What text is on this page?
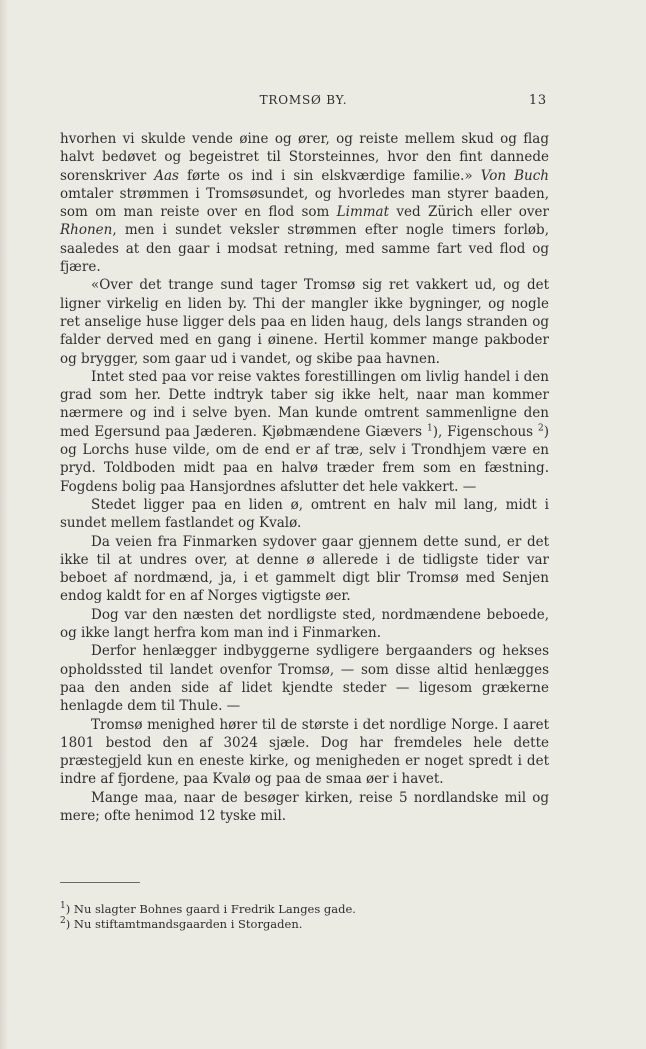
TROMSØ BY.	13

hvorhen vi skulde vende øine og ører, og reiste mellem skud og flag halvt bedøvet og begeistret til Storsteinnes, hvor den fint dannede sorenskriver Aas førte os ind i sin elskværdige familie.» Von Buch omtaler strømmen i Tromsøsundet, og hvorledes man styrer baaden, som om man reiste over en flod som Limmat ved Zürich eller over Rhonen, men i sundet veksler strømmen efter nogle timers forløb, saaledes at den gaar i modsat retning, med samme fart ved flod og fjære.

«Over det trange sund tager Tromsø sig ret vakkert ud, og det ligner virkelig en liden by. Thi der mangler ikke bygninger, og nogle ret anselige huse ligger dels paa en liden haug, dels langs stranden og falder derved med en gang i øinene. Hertil kommer mange pakboder og brygger, som gaar ud i vandet, og skibe paa havnen.

Intet sted paa vor reise vaktes forestillingen om livlig handel i den grad som her. Dette indtryk taber sig ikke helt, naar man kommer nærmere og ind i selve byen. Man kunde omtrent sammenligne den med Egersund paa Jæderen. Kjøbmændene Giævers $^1$), Figenschous $^2$) og Lorchs huse vilde, om de end er af træ, selv i Trondhjem være en pryd. Toldboden midt paa en halvø træder frem som en fæstning. Fogdens bolig paa Hansjordnes afslutter det hele vakkert. —

Stedet ligger paa en liden ø, omtrent en halv mil lang, midt i sundet mellem fastlandet og Kvalø.

Da veien fra Finmarken sydover gaar gjennem dette sund, er det ikke til at undres over, at denne ø allerede i de tidligste tider var beboet af nordmænd, ja, i et gammelt digt blir Tromsø med Senjen endog kaldt for en af Norges vigtigste øer.

Dog var den næsten det nordligste sted, nordmændene beboede, og ikke langt herfra kom man ind i Finmarken.

Derfor henlægger indbyggerne sydligere bergaanders og hekses opholdssted til landet ovenfor Tromsø, — som disse altid henlægges paa den anden side af lidet kjendte steder — ligesom grækerne henlagde dem til Thule. —

Tromsø menighed hører til de største i det nordlige Norge. I aaret 1801 bestod den af 3024 sjæle. Dog har fremdeles hele dette præstegjeld kun en eneste kirke, og menigheden er noget spredt i det indre af fjordene, paa Kvalø og paa de smaa øer i havet.

Mange maa, naar de besøger kirken, reise 5 nordlandske mil og mere; ofte henimod 12 tyske mil.

$^1$) Nu slagter Bohnes gaard i Fredrik Langes gade.
$^2$) Nu stiftamtmandsgaarden i Storgaden.
